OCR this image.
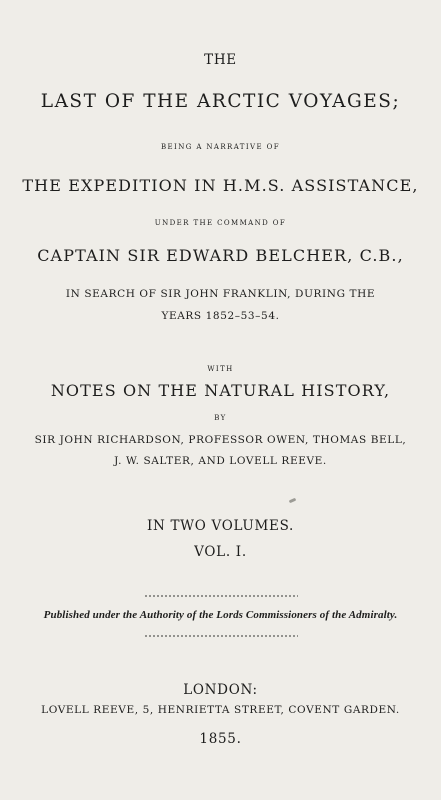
THE
LAST OF THE ARCTIC VOYAGES;
BEING A NARRATIVE OF
THE EXPEDITION IN H.M.S. ASSISTANCE,
UNDER THE COMMAND OF
CAPTAIN SIR EDWARD BELCHER, C.B.,
IN SEARCH OF SIR JOHN FRANKLIN, DURING THE
YEARS 1852–53–54.
WITH
NOTES ON THE NATURAL HISTORY,
BY
SIR JOHN RICHARDSON, PROFESSOR OWEN, THOMAS BELL,
J. W. SALTER, AND LOVELL REEVE.
IN TWO VOLUMES.
VOL. I.
Published under the Authority of the Lords Commissioners of the Admiralty.
LONDON:
LOVELL REEVE, 5, HENRIETTA STREET, COVENT GARDEN.
1855.
